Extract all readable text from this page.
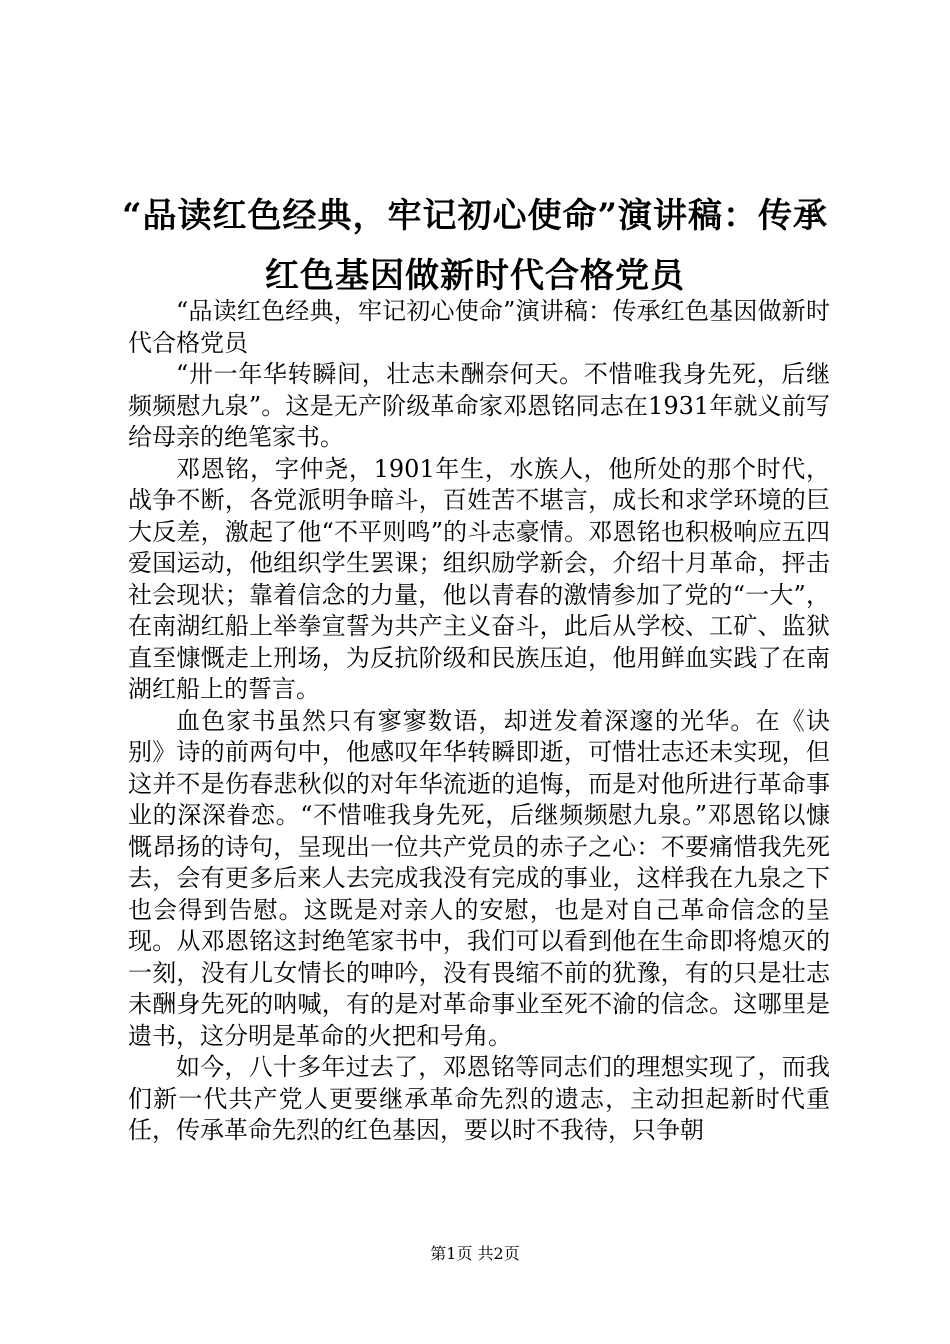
“品读红色经典，牢记初心使命”演讲稿：传承红色基因做新时代合格党员

“品读红色经典，牢记初心使命”演讲稿：传承红色基因做新时代合格党员

“卅一年华转瞬间，壮志未酬奈何天。不惜唯我身先死，后继频频慰九泉”。这是无产阶级革命家邓恩铭同志在1931年就义前写给母亲的绝笔家书。

邓恩铭，字仲尧，1901年生，水族人，他所处的那个时代，战争不断，各党派明争暗斗，百姓苦不堪言，成长和求学环境的巨大反差，激起了他“不平则鸣”的斗志豪情。邓恩铭也积极响应五四爱国运动，他组织学生罢课；组织励学新会，介绍十月革命，抨击社会现状；靠着信念的力量，他以青春的激情参加了党的“一大”，在南湖红船上举拳宣誓为共产主义奋斗，此后从学校、工矿、监狱直至慷慨走上刑场，为反抗阶级和民族压迫，他用鲜血实践了在南湖红船上的誓言。

血色家书虽然只有寥寥数语，却迸发着深邃的光华。在《诀别》诗的前两句中，他感叹年华转瞬即逝，可惜壮志还未实现，但这并不是伤春悲秋似的对年华流逝的追悔，而是对他所进行革命事业的深深眷恋。“不惜唯我身先死，后继频频慰九泉。”邓恩铭以慷慨昂扬的诗句，呈现出一位共产党员的赤子之心：不要痛惜我先死去，会有更多后来人去完成我没有完成的事业，这样我在九泉之下也会得到告慰。这既是对亲人的安慰，也是对自己革命信念的呈现。从邓恩铭这封绝笔家书中，我们可以看到他在生命即将熄灭的一刻，没有儿女情长的呻吟，没有畏缩不前的犹豫，有的只是壮志未酬身先死的呐喊，有的是对革命事业至死不渝的信念。这哪里是遗书，这分明是革命的火把和号角。

如今，八十多年过去了，邓恩铭等同志们的理想实现了，而我们新一代共产党人更要继承革命先烈的遗志，主动担起新时代重任，传承革命先烈的红色基因，要以时不我待，只争朝

第1页 共2页
